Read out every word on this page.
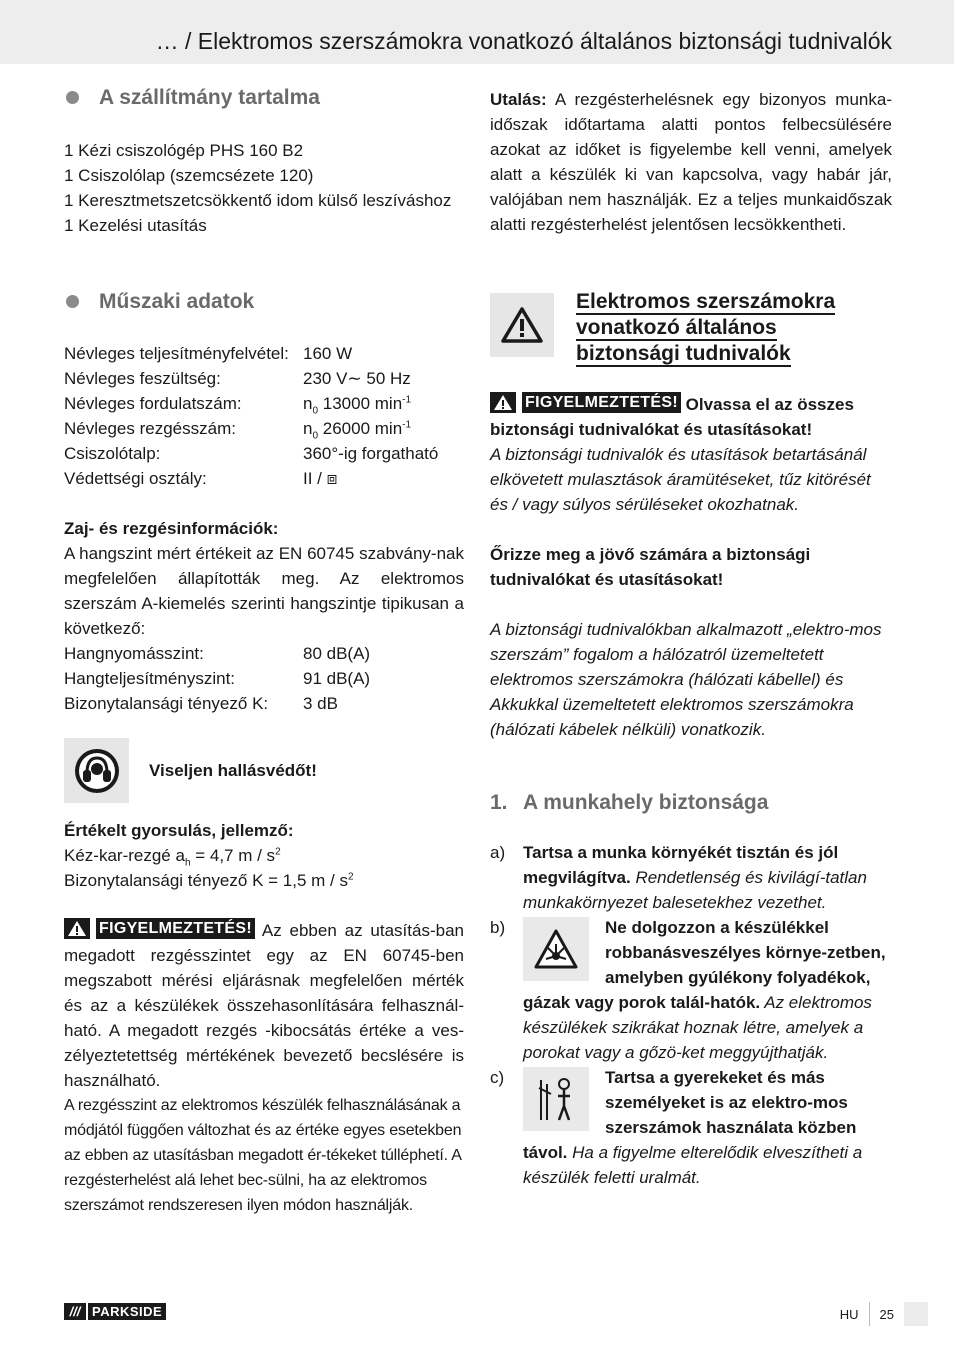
… / Elektromos szerszámokra vonatkozó általános biztonsági tudnivalók
A szállítmány tartalma
1 Kézi csiszológép PHS 160 B2
1 Csiszolólap (szemcsézete 120)
1 Keresztmetszetcsökkentő idom külső leszíváshoz
1 Kezelési utasítás
Műszaki adatok
Névleges teljesítményfelvétel: 160 W
Névleges feszültség:	230 V∼ 50 Hz
Névleges fordulatszám:	$n_0$ 13000 $\min^{-1}$
Névleges rezgésszám:	$n_0$ 26000 $\min^{-1}$
Csiszolótalp:	360°-ig forgatható
Védettségi osztály:	II / ⧈
Zaj- és rezgésinformációk:
A hangszint mért értékeit az EN 60745 szabvány-nak megfelelően állapították meg. Az elektromos szerszám A-kiemelés szerinti hangszintje tipikusan a következő:
Hangnyomásszint:	80 dB(A)
Hangteljesítményszint:	91 dB(A)
Bizonytalansági tényező K:	3 dB
Viseljen hallásvédőt!
Értékelt gyorsulás, jellemző:
Kéz-kar-rezgé $a_h = 4,7$ m / $s^2$
Bizonytalansági tényező K = 1,5 m / $s^2$
FIGYELMEZTETÉS! Az ebben az utasítás-ban megadott rezgésszintet egy az EN 60745-ben megszabott mérési eljárásnak megfelelően mérték és az a készülékek összehasonlítására felhasznál-ható. A megadott rezgés -kibocsátás értéke a ves-zélyeztetettség mértékének bevezető becslésére is használható.
A rezgésszint az elektromos készülék felhasználásának a módjától függően változhat és az értéke egyes esetekben az ebben az utasításban megadott ér-tékeket túlléphetí. A rezgésterhelést alá lehet bec-sülni, ha az elektromos szerszámot rendszeresen ilyen módon használják.
Utalás: A rezgésterhelésnek egy bizonyos munka-időszak időtartama alatti pontos felbecsülésére azokat az időket is figyelembe kell venni, amelyek alatt a készülék ki van kapcsolva, vagy habár jár, valójában nem használják. Ez a teljes munkaidőszak alatti rezgésterhelést jelentősen lecsökkentheti.
Elektromos szerszámokra vonatkozó általános biztonsági tudnivalók
FIGYELMEZTETÉS! Olvassa el az összes biztonsági tudnivalókat és utasításokat!
A biztonsági tudnivalók és utasítások betartásánál elkövetett mulasztások áramütéseket, tűz kitörését és / vagy súlyos sérüléseket okozhatnak.
Őrizze meg a jövő számára a biztonsági tudnivalókat és utasításokat!
A biztonsági tudnivalókban alkalmazott „elektro-mos szerszám” fogalom a hálózatról üzemeltetett elektromos szerszámokra (hálózati kábellel) és Akkukkal üzemeltetett elektromos szerszámokra (hálózati kábelek nélküli) vonatkozik.
1. A munkahely biztonsága
a)	Tartsa a munka környékét tisztán és jól megvilágítva. Rendetlenség és kivilágí-tatlan munkakörnyezet balesetekhez vezethet.
b)	Ne dolgozzon a készülékkel robbanásveszélyes környe-zetben, amelyben gyúlékony folyadékok, gázak vagy porok talál-hatók. Az elektromos készülékek szikrákat hoznak létre, amelyek a porokat vagy a gőzö-ket meggyújthatják.
c)	Tartsa a gyerekeket és más személyeket is az elektro-mos szerszámok használata közben távol. Ha a figyelme elterelődik elveszítheti a készülék feletti uralmát.
/// PARKSIDE	HU 25
